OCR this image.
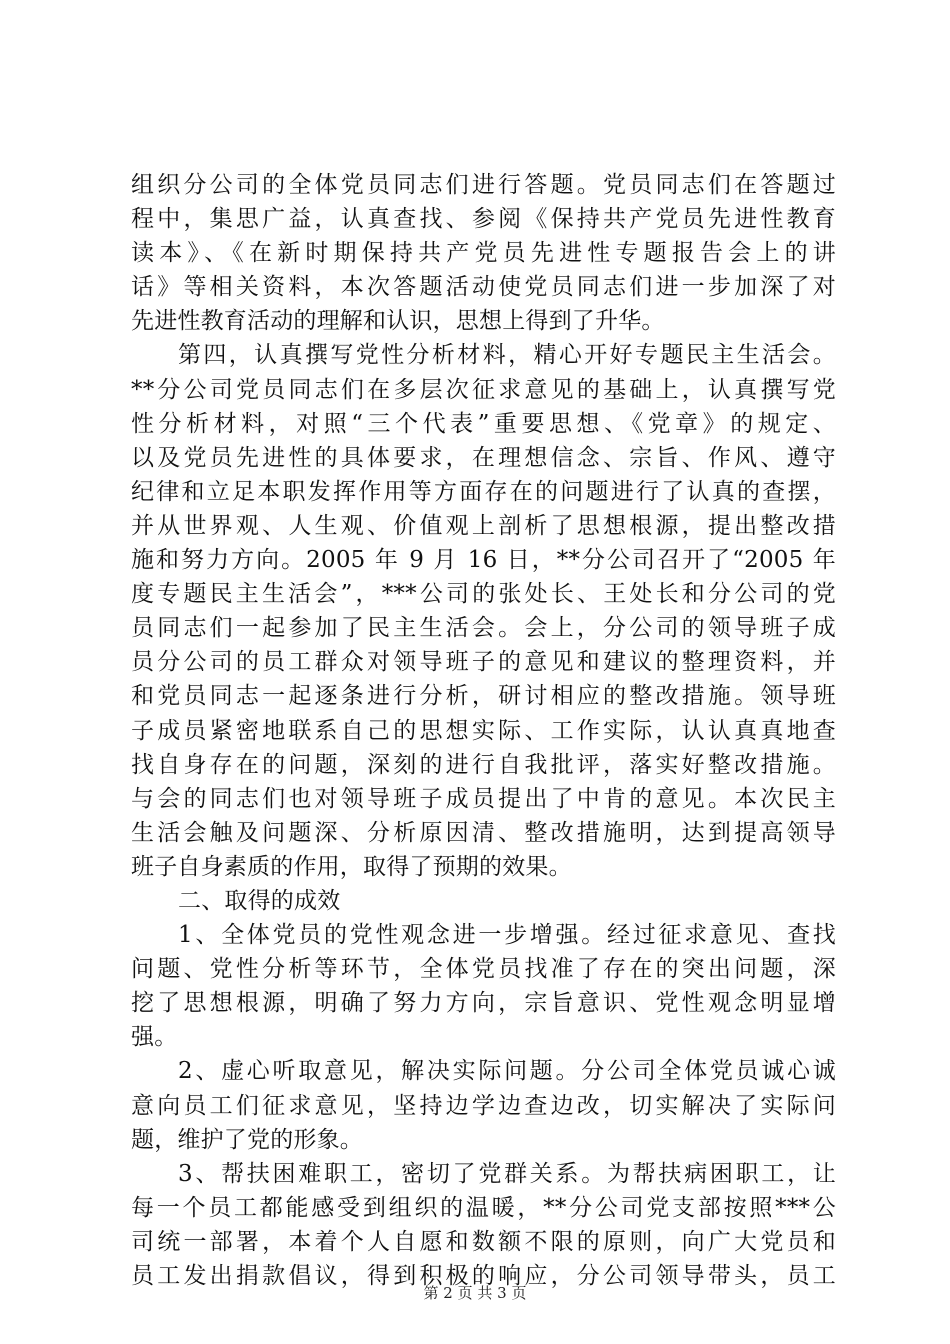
组织分公司的全体党员同志们进行答题。党员同志们在答题过
程中，集思广益，认真查找、参阅《保持共产党员先进性教育
读本》、《在新时期保持共产党员先进性专题报告会上的讲
话》等相关资料，本次答题活动使党员同志们进一步加深了对
先进性教育活动的理解和认识，思想上得到了升华。
第四，认真撰写党性分析材料，精心开好专题民主生活会。
**分公司党员同志们在多层次征求意见的基础上，认真撰写党
性分析材料，对照“三个代表”重要思想、《党章》的规定、
以及党员先进性的具体要求，在理想信念、宗旨、作风、遵守
纪律和立足本职发挥作用等方面存在的问题进行了认真的查摆，
并从世界观、人生观、价值观上剖析了思想根源，提出整改措
施和努力方向。2005 年 9 月 16 日，**分公司召开了“2005 年
度专题民主生活会”，***公司的张处长、王处长和分公司的党
员同志们一起参加了民主生活会。会上，分公司的领导班子成
员分公司的员工群众对领导班子的意见和建议的整理资料，并
和党员同志一起逐条进行分析，研讨相应的整改措施。领导班
子成员紧密地联系自己的思想实际、工作实际，认认真真地查
找自身存在的问题，深刻的进行自我批评，落实好整改措施。
与会的同志们也对领导班子成员提出了中肯的意见。本次民主
生活会触及问题深、分析原因清、整改措施明，达到提高领导
班子自身素质的作用，取得了预期的效果。
二、取得的成效
1、全体党员的党性观念进一步增强。经过征求意见、查找
问题、党性分析等环节，全体党员找准了存在的突出问题，深
挖了思想根源，明确了努力方向，宗旨意识、党性观念明显增
强。
2、虚心听取意见，解决实际问题。分公司全体党员诚心诚
意向员工们征求意见，坚持边学边查边改，切实解决了实际问
题，维护了党的形象。
3、帮扶困难职工，密切了党群关系。为帮扶病困职工，让
每一个员工都能感受到组织的温暖，**分公司党支部按照***公
司统一部署，本着个人自愿和数额不限的原则，向广大党员和
员工发出捐款倡议，得到积极的响应，分公司领导带头，员工
第 2 页 共 3 页
